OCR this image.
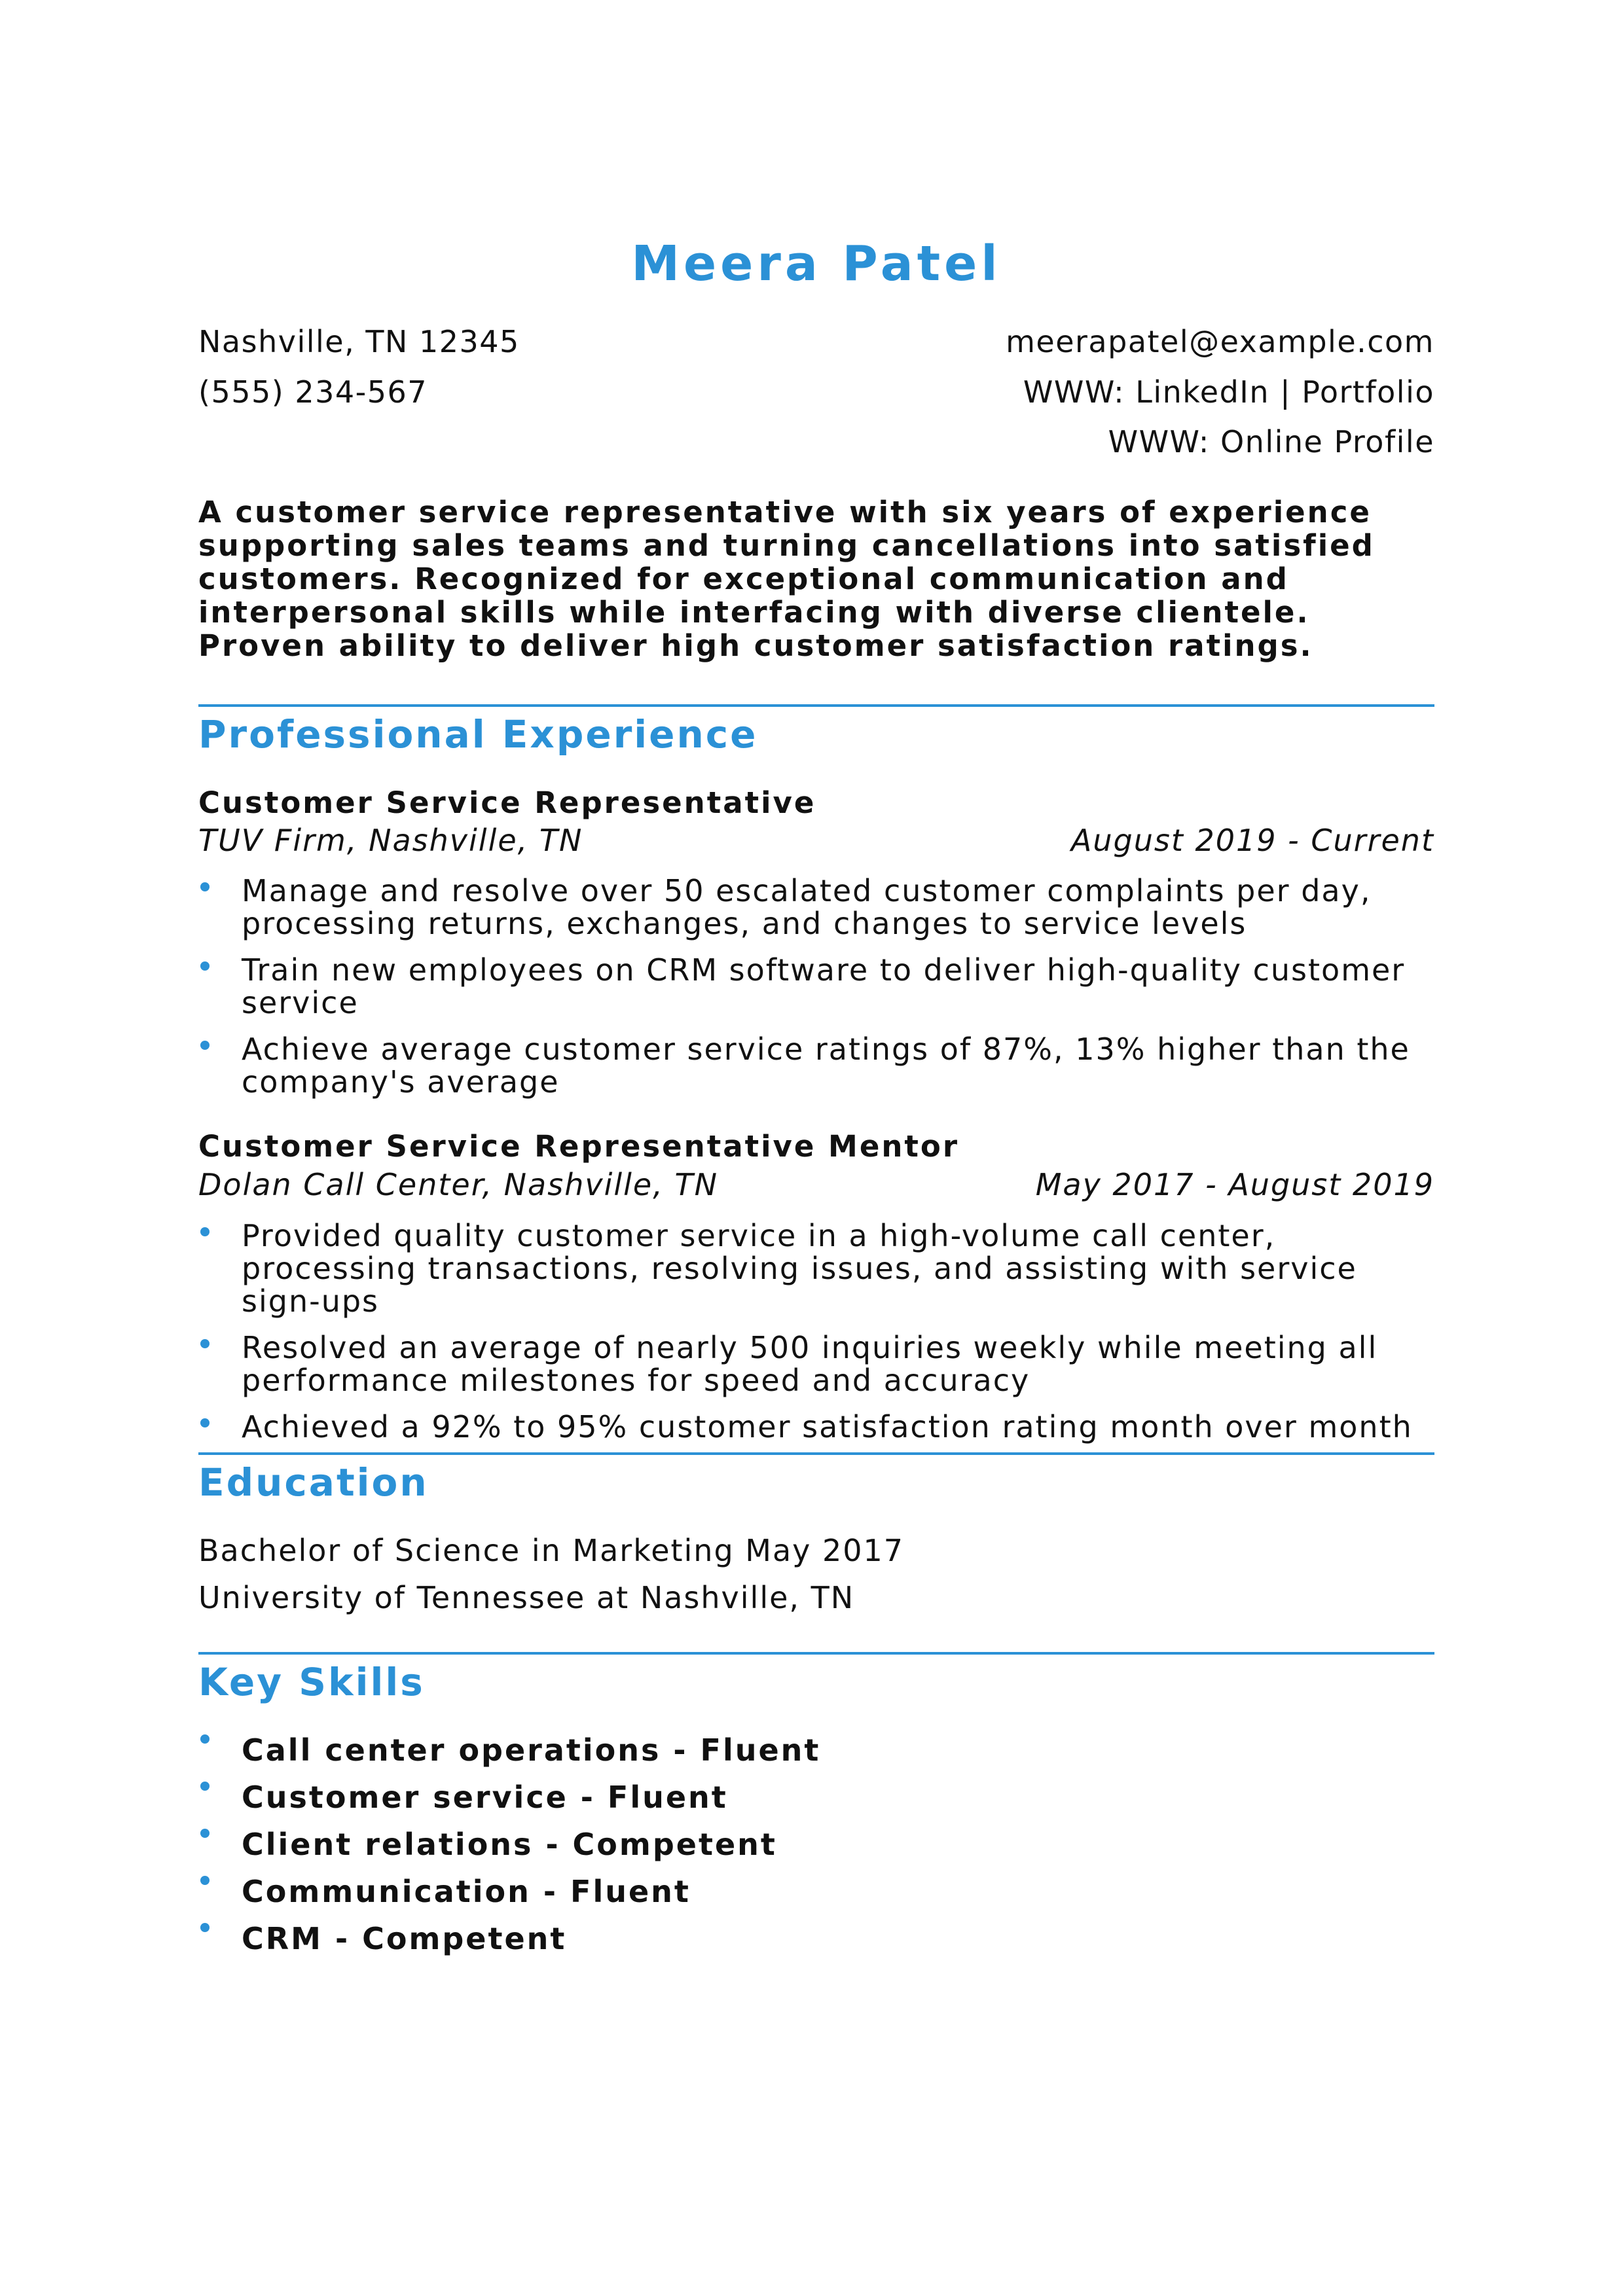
Meera Patel
Nashville, TN 12345	meerapatel@example.com
(555) 234-567	WWW: LinkedIn | Portfolio
WWW: Online Profile
A customer service representative with six years of experience supporting sales teams and turning cancellations into satisfied customers. Recognized for exceptional communication and interpersonal skills while interfacing with diverse clientele. Proven ability to deliver high customer satisfaction ratings.
Professional Experience
Customer Service Representative
TUV Firm, Nashville, TN	August 2019 - Current
Manage and resolve over 50 escalated customer complaints per day, processing returns, exchanges, and changes to service levels
Train new employees on CRM software to deliver high-quality customer service
Achieve average customer service ratings of 87%, 13% higher than the company's average
Customer Service Representative Mentor
Dolan Call Center, Nashville, TN	May 2017 - August 2019
Provided quality customer service in a high-volume call center, processing transactions, resolving issues, and assisting with service sign-ups
Resolved an average of nearly 500 inquiries weekly while meeting all performance milestones for speed and accuracy
Achieved a 92% to 95% customer satisfaction rating month over month
Education
Bachelor of Science in Marketing May 2017
University of Tennessee at Nashville, TN
Key Skills
Call center operations - Fluent
Customer service - Fluent
Client relations - Competent
Communication - Fluent
CRM - Competent
